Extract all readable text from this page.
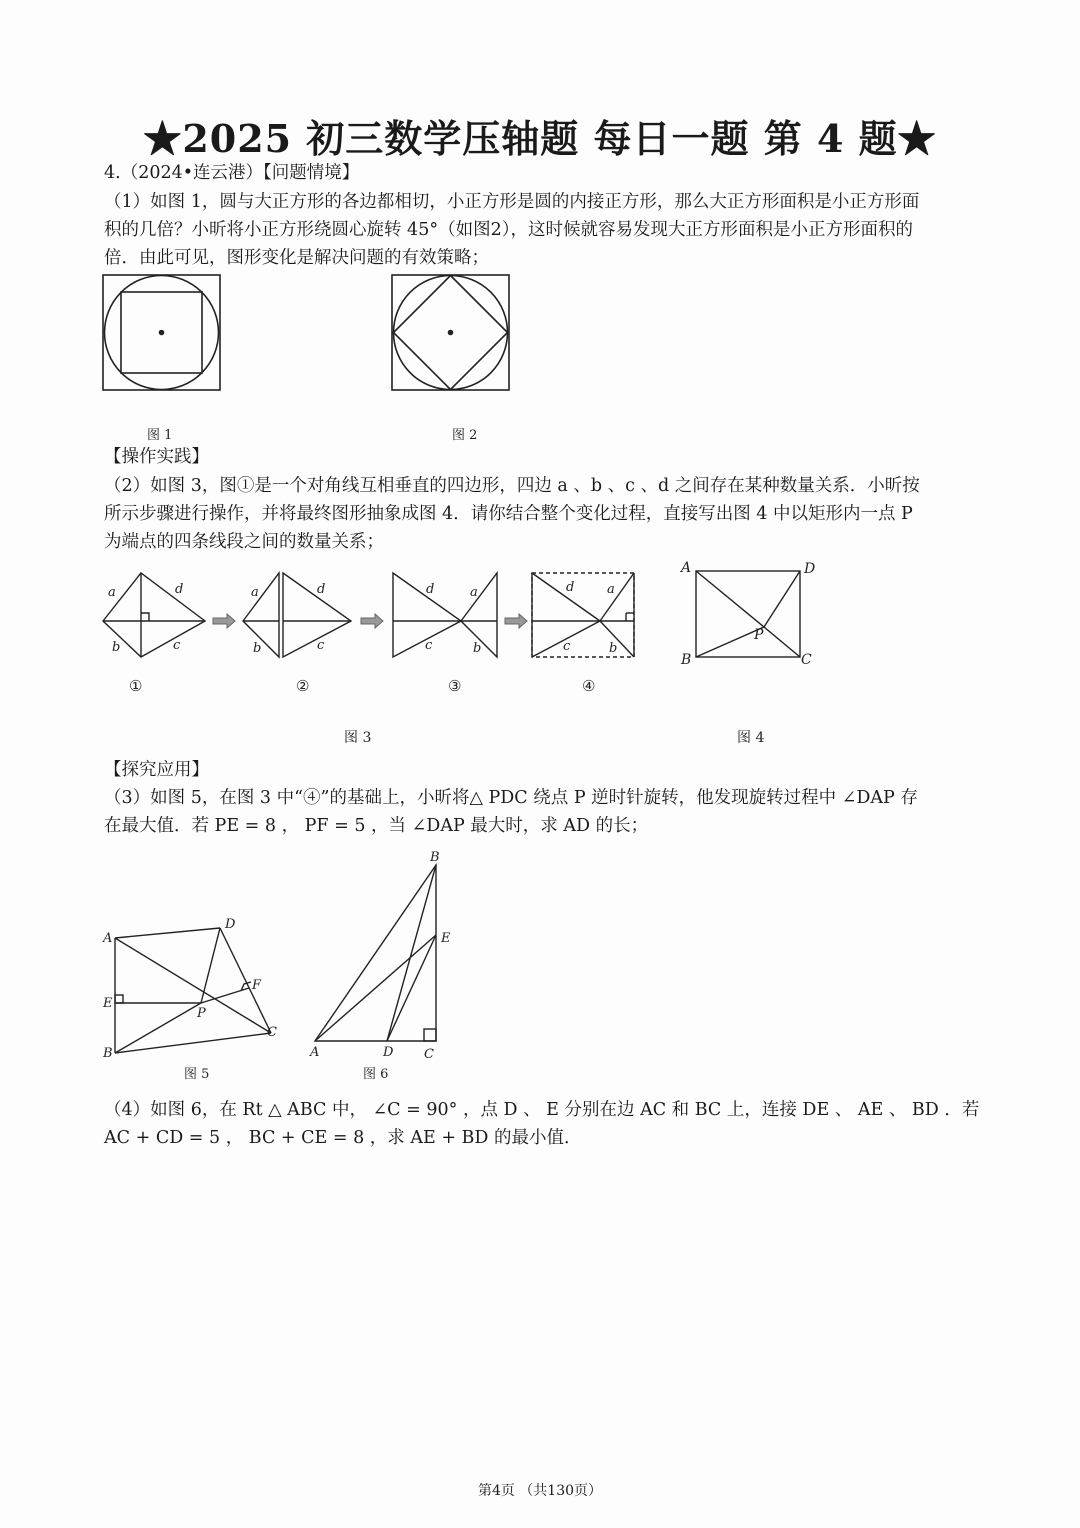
★2025 初三数学压轴题 每日一题 第 4 题★
4.（2024•连云港）【问题情境】
（1）如图 1，圆与大正方形的各边都相切，小正方形是圆的内接正方形，那么大正方形面积是小正方形面
积的几倍？小昕将小正方形绕圆心旋转 45°（如图2），这时候就容易发现大正方形面积是小正方形面积的
倍．由此可见，图形变化是解决问题的有效策略；
图 1	图 2
【操作实践】
（2）如图 3，图①是一个对角线互相垂直的四边形，四边 a 、b 、c 、d 之间存在某种数量关系．小昕按
所示步骤进行操作，并将最终图形抽象成图 4．请你结合整个变化过程，直接写出图 4 中以矩形内一点 P
为端点的四条线段之间的数量关系；
a	d
b	c
a	d
b	c
d	a
c	b
d	a
c	b
A	D
B	C
P
①	②	③	④
图 3	图 4
【探究应用】
（3）如图 5，在图 3 中“④”的基础上，小昕将△ PDC 绕点 P 逆时针旋转，他发现旋转过程中 ∠DAP 存
在最大值．若 PE = 8 ， PF = 5 ，当 ∠DAP 最大时，求 AD 的长；
A
D
E
F
P
B
C
B
E
A	D C
图 5	图 6
（4）如图 6，在 Rt △ ABC 中， ∠C = 90° ，点 D 、 E 分别在边 AC 和 BC 上，连接 DE 、 AE 、 BD ．若
AC + CD = 5 ， BC + CE = 8 ，求 AE + BD 的最小值．
第4页 （共130页）
